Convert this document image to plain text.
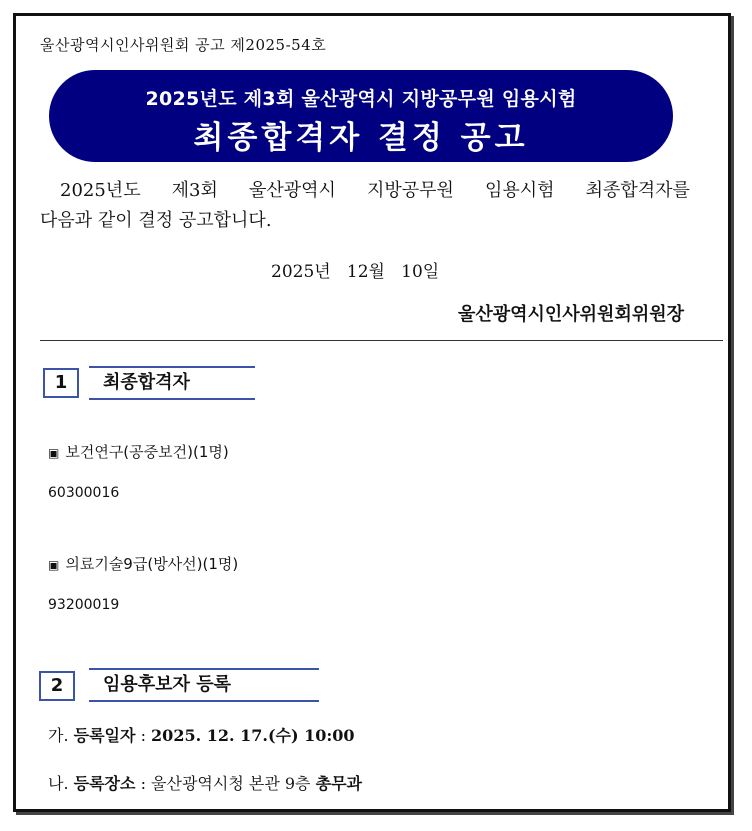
울산광역시인사위원회 공고 제2025-54호
2025년도 제3회 울산광역시 지방공무원 임용시험
최종합격자 결정 공고
2025년도 제3회 울산광역시 지방공무원 임용시험 최종합격자를
다음과 같이 결정 공고합니다.
2025년   12월   10일
울산광역시인사위원회위원장
1	최종합격자
▣ 보건연구(공중보건)(1명)
60300016
▣ 의료기술9급(방사선)(1명)
93200019
2	임용후보자 등록
가. 등록일자 : 2025. 12. 17.(수) 10:00
나. 등록장소 : 울산광역시청 본관 9층 총무과
